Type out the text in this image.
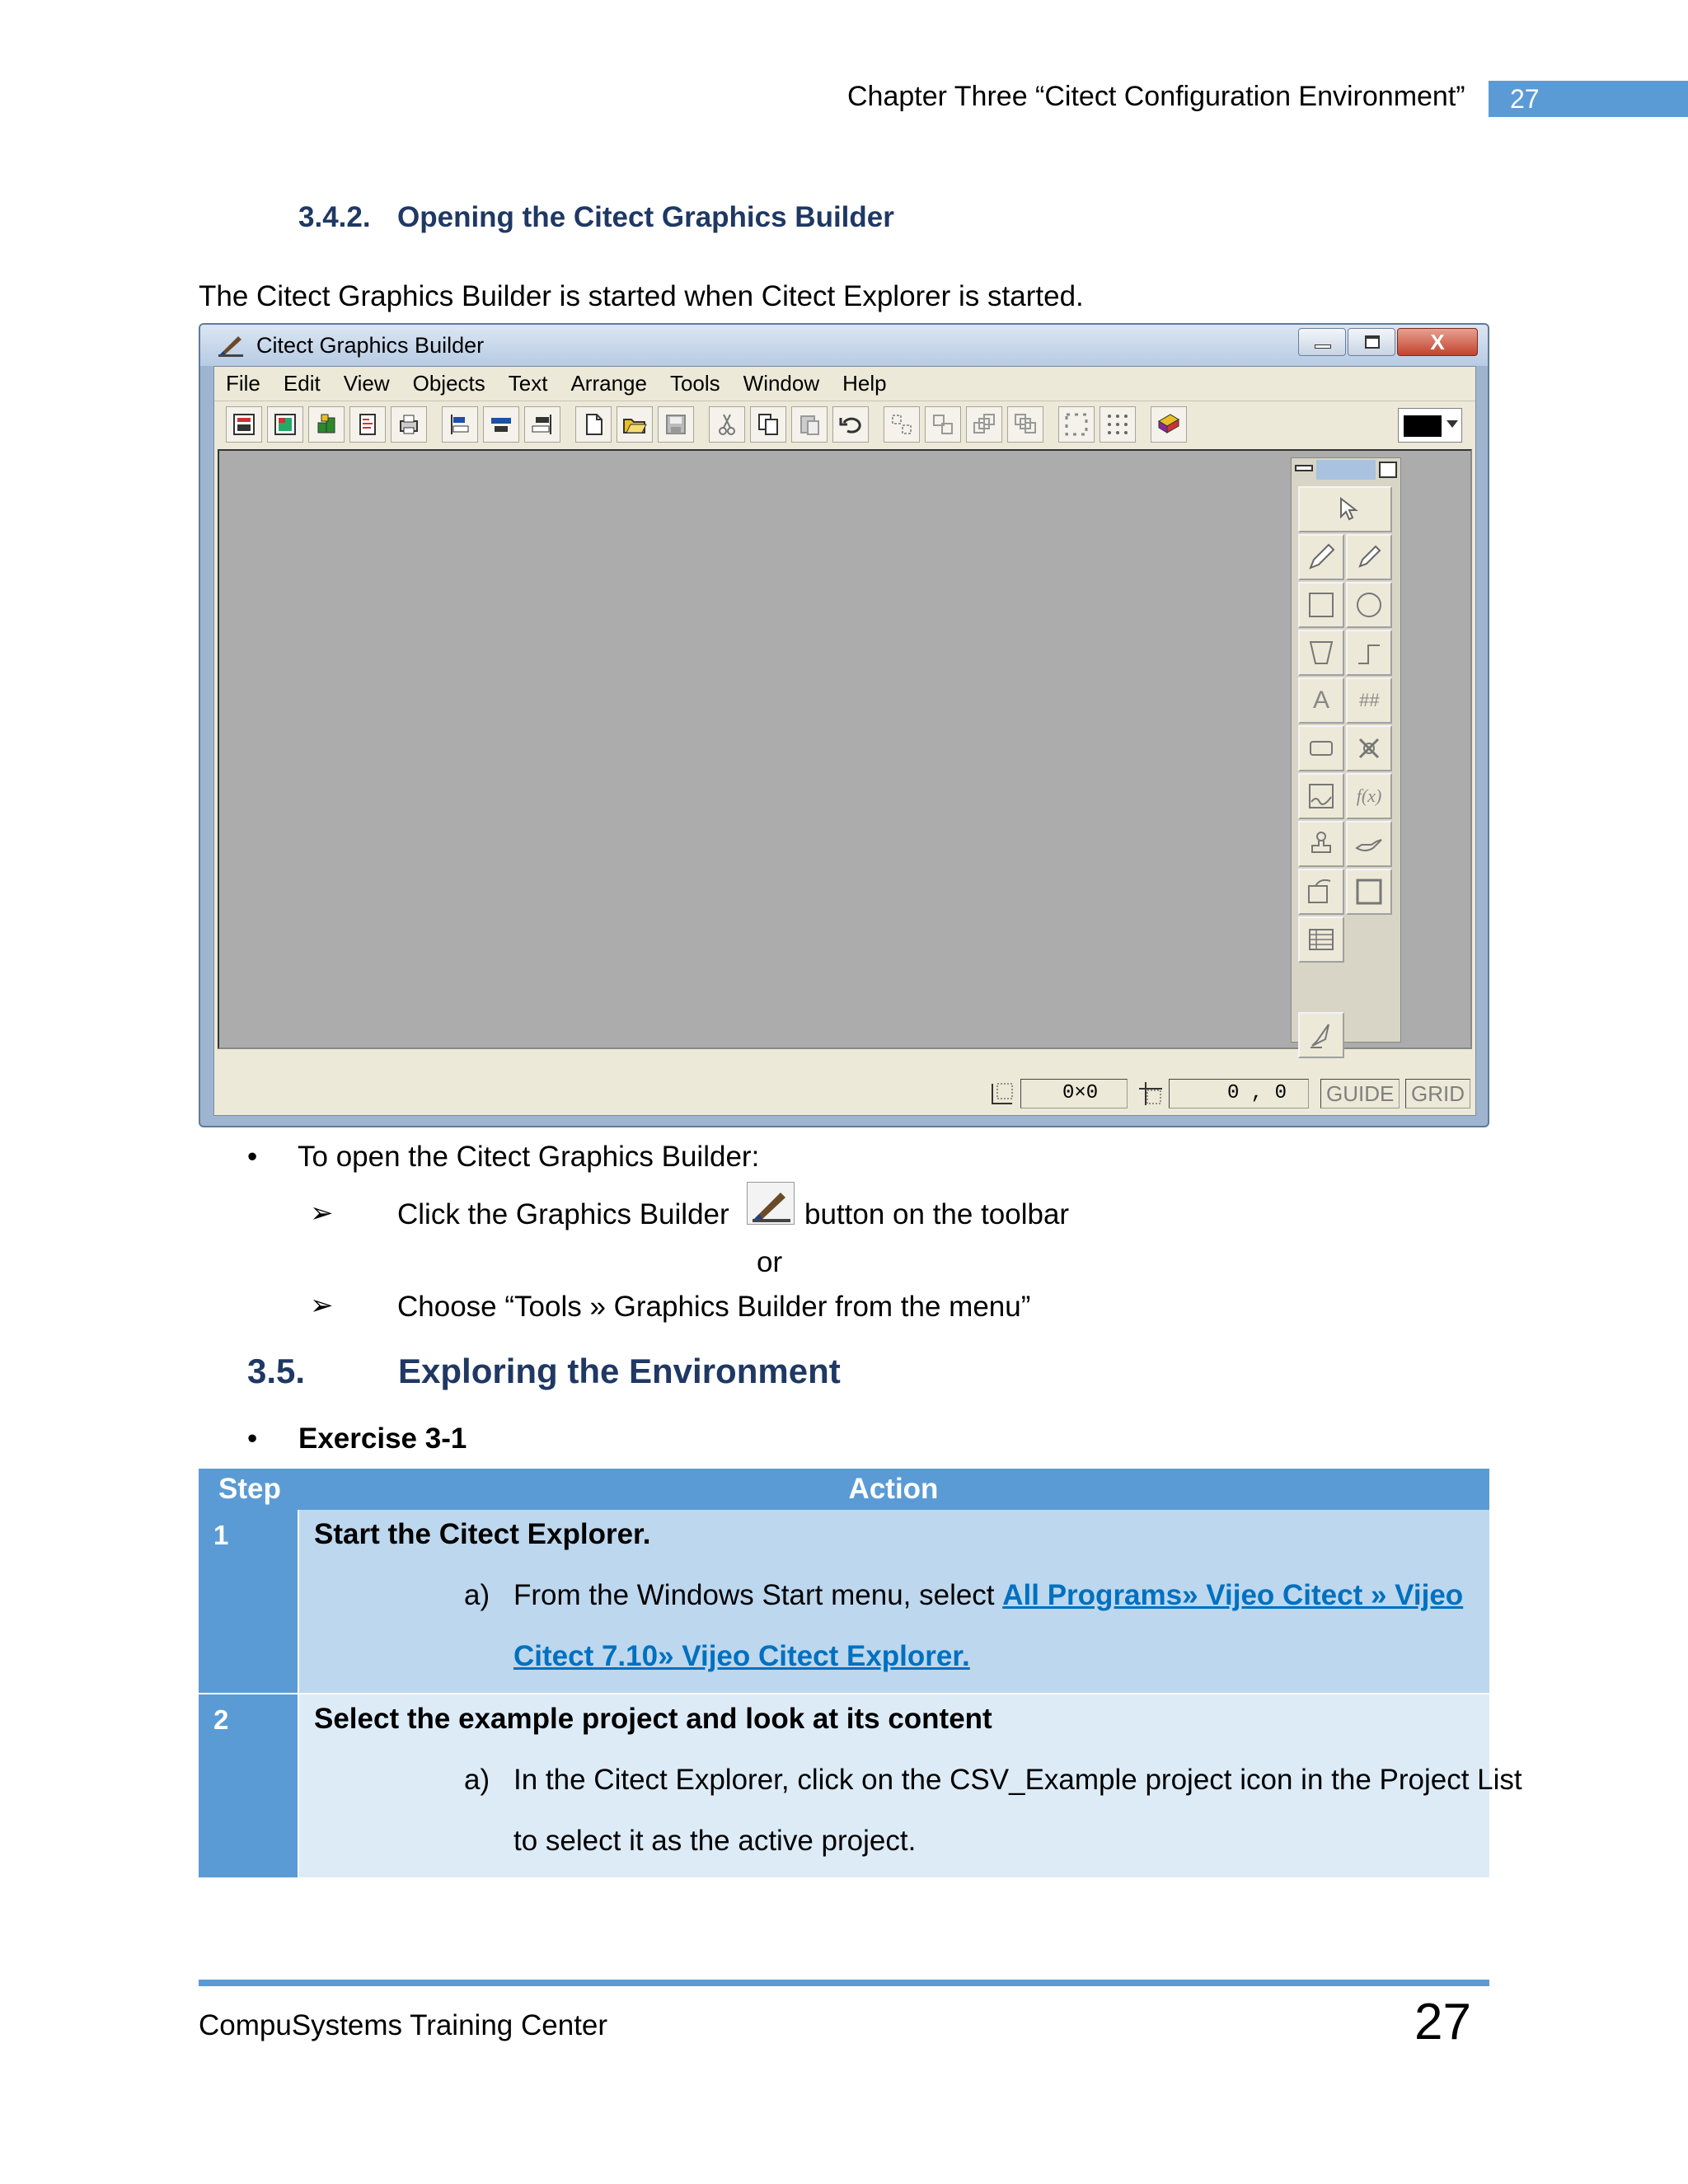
Chapter Three “Citect Configuration Environment”	27
3.4.2. Opening the Citect Graphics Builder
The Citect Graphics Builder is started when Citect Explorer is started.
Citect Graphics Builder	X
File Edit View Objects Text Arrange Tools Window Help
A	##
f(x)
0×0	0 , 0	GUIDE GRID
• To open the Citect Graphics Builder:
➢ Click the Graphics Builder	button on the toolbar
or
➢ Choose “Tools » Graphics Builder from the menu”
3.5.	Exploring the Environment
• Exercise 3-1
Step	Action
1	Start the Citect Explorer.
a) From the Windows Start menu, select All Programs» Vijeo Citect » Vijeo
Citect 7.10» Vijeo Citect Explorer.
2	Select the example project and look at its content
a) In the Citect Explorer, click on the CSV_Example project icon in the Project List
to select it as the active project.
CompuSystems Training Center	27
